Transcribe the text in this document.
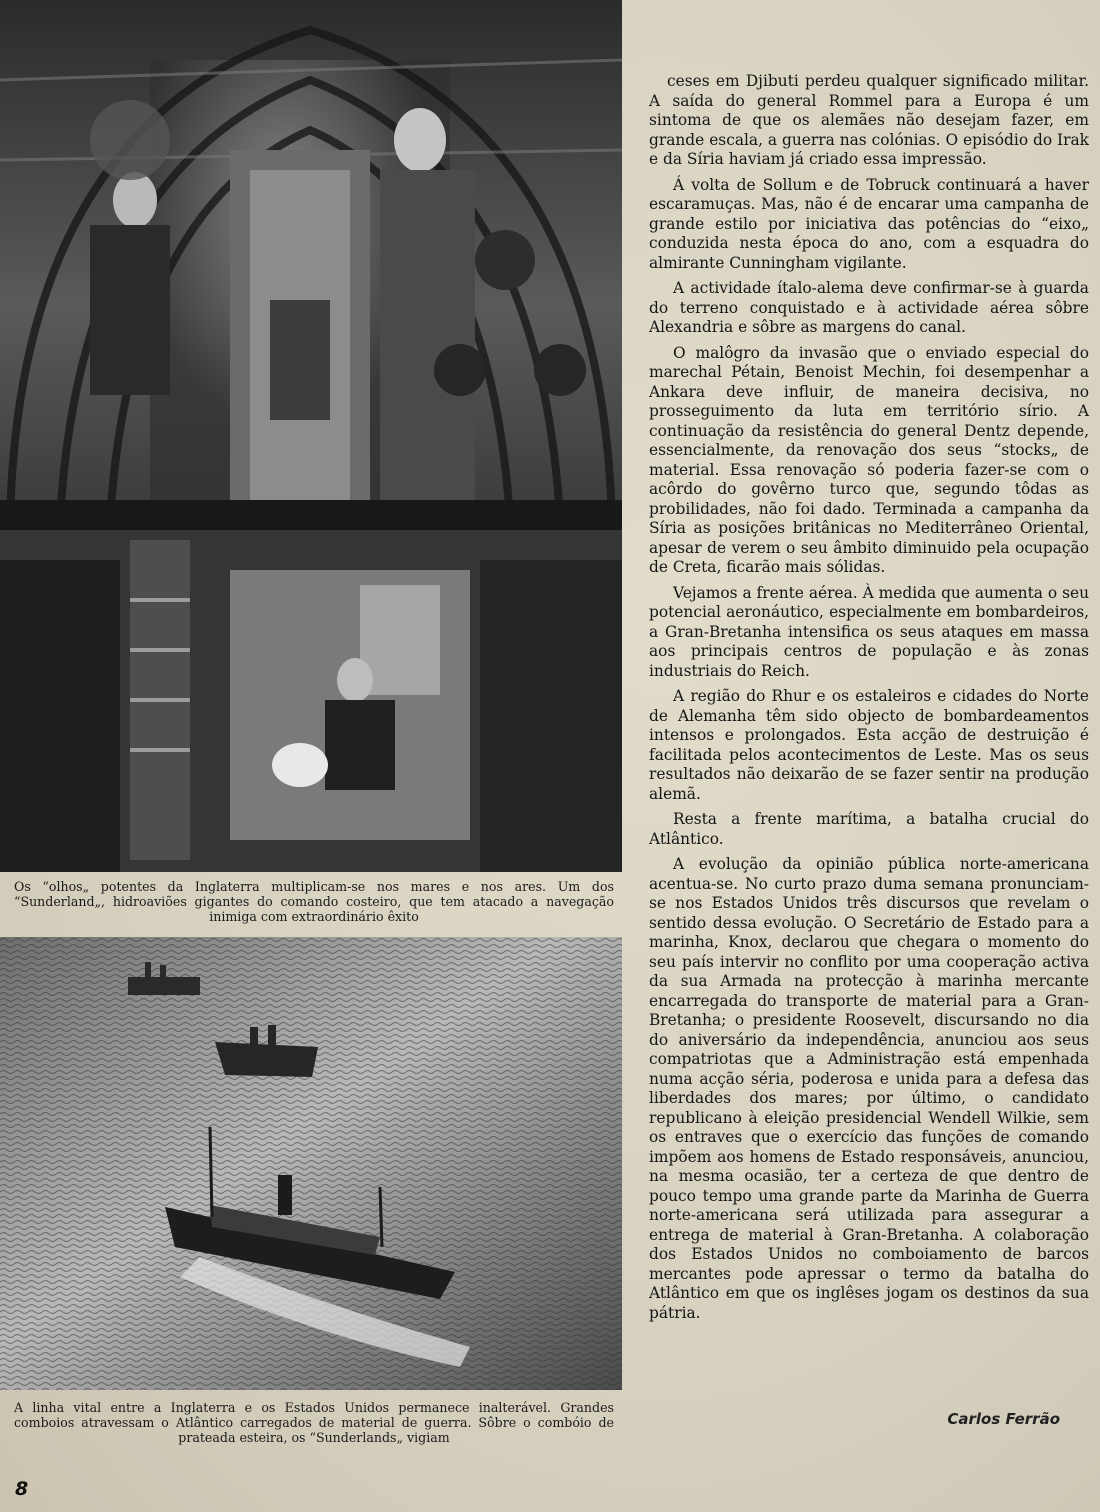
Os “olhos„ potentes da Inglaterra multiplicam-se nos mares e nos ares. Um dos “Sunderland„, hidroaviões gigantes do comando costeiro, que tem atacado a navegação inimiga com extraordinário êxito
A linha vital entre a Inglaterra e os Estados Unidos permanece inalterável. Grandes comboios atravessam o Atlântico carregados de material de guerra. Sôbre o combóio de prateada esteira, os “Sunderlands„ vigiam

ceses em Djibuti perdeu qualquer significado militar. A saída do general Rommel para a Europa é um sintoma de que os alemães não desejam fazer, em grande escala, a guerra nas colónias. O episódio do Irak e da Síria haviam já criado essa impressão.

Á volta de Sollum e de Tobruck continuará a haver escaramuças. Mas, não é de encarar uma campanha de grande estilo por iniciativa das potências do “eixo„ conduzida nesta época do ano, com a esquadra do almirante Cunningham vigilante.

A actividade ítalo-alema deve confirmar-se à guarda do terreno conquistado e à actividade aérea sôbre Alexandria e sôbre as margens do canal.

O malôgro da invasão que o enviado especial do marechal Pétain, Benoist Mechin, foi desempenhar a Ankara deve influir, de maneira decisiva, no prosseguimento da luta em território sírio. A continuação da resistência do general Dentz depende, essencialmente, da renovação dos seus “stocks„ de material. Essa renovação só poderia fazer-se com o acôrdo do govêrno turco que, segundo tôdas as probilidades, não foi dado. Terminada a campanha da Síria as posições britânicas no Mediterrâneo Oriental, apesar de verem o seu âmbito diminuido pela ocupação de Creta, ficarão mais sólidas.

Vejamos a frente aérea. À medida que aumenta o seu potencial aeronáutico, especialmente em bombardeiros, a Gran-Bretanha intensifica os seus ataques em massa aos principais centros de população e às zonas industriais do Reich.

A região do Rhur e os estaleiros e cidades do Norte de Alemanha têm sido objecto de bombardeamentos intensos e prolongados. Esta acção de destruição é facilitada pelos acontecimentos de Leste. Mas os seus resultados não deixarão de se fazer sentir na produção alemã.

Resta a frente marítima, a batalha crucial do Atlântico.

A evolução da opinião pública norte-americana acentua-se. No curto prazo duma semana pronunciam-se nos Estados Unidos três discursos que revelam o sentido dessa evolução. O Secretário de Estado para a marinha, Knox, declarou que chegara o momento do seu país intervir no conflito por uma cooperação activa da sua Armada na protecção à marinha mercante encarregada do transporte de material para a Gran-Bretanha; o presidente Roosevelt, discursando no dia do aniversário da independência, anunciou aos seus compatriotas que a Administração está empenhada numa acção séria, poderosa e unida para a defesa das liberdades dos mares; por último, o candidato republicano à eleição presidencial Wendell Wilkie, sem os entraves que o exercício das funções de comando impõem aos homens de Estado responsáveis, anunciou, na mesma ocasião, ter a certeza de que dentro de pouco tempo uma grande parte da Marinha de Guerra norte-americana será utilizada para assegurar a entrega de material à Gran-Bretanha. A colaboração dos Estados Unidos no comboiamento de barcos mercantes pode apressar o termo da batalha do Atlântico em que os inglêses jogam os destinos da sua pátria.

Carlos Ferrão
8
